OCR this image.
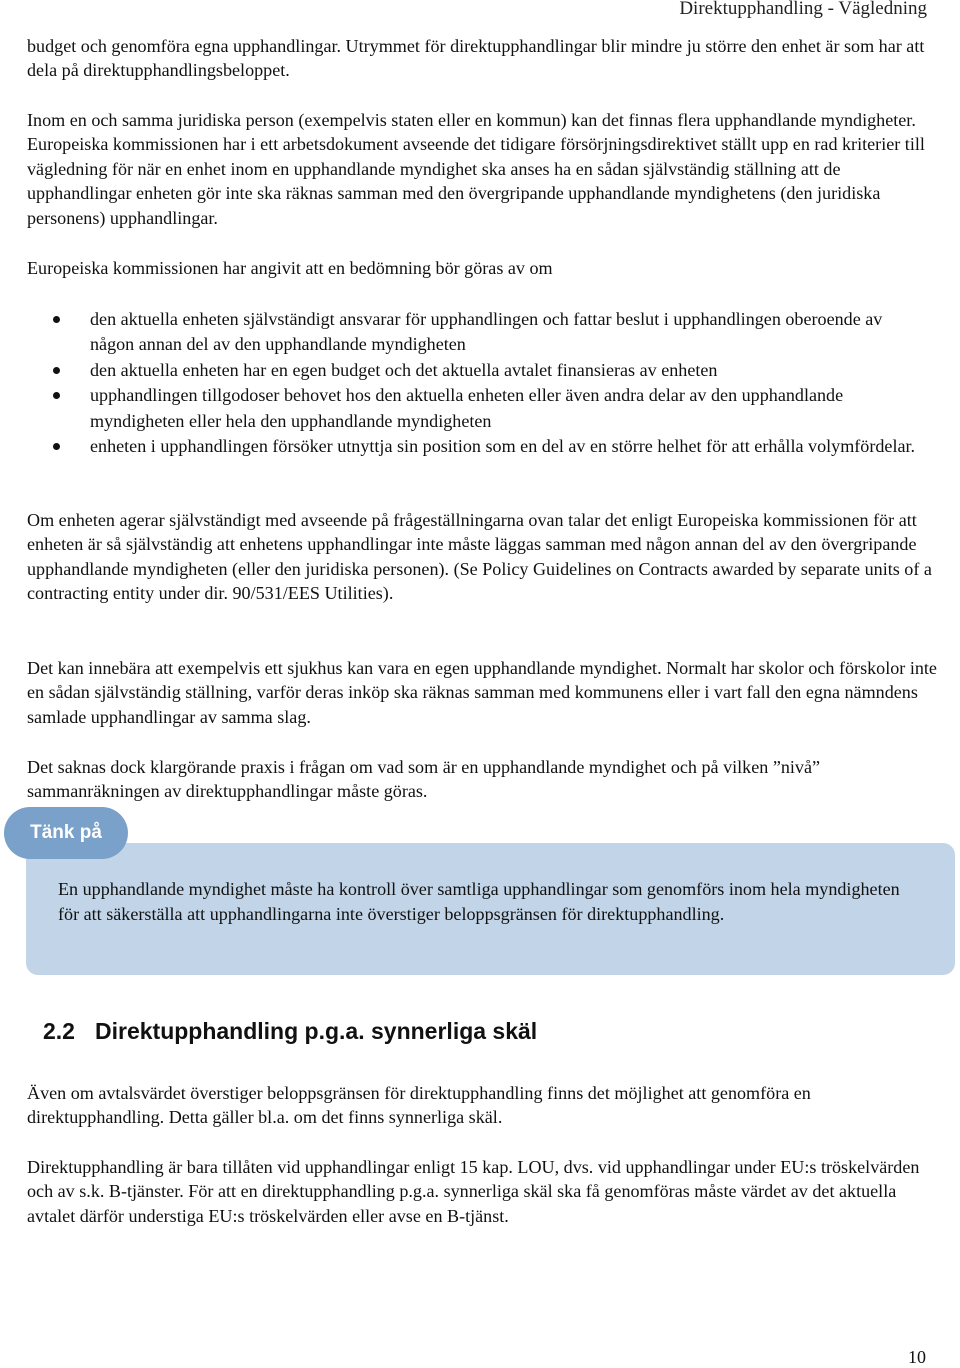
Direktupphandling - Vägledning

budget och genomföra egna upphandlingar. Utrymmet för direktupphandlingar blir mindre ju större den enhet är som har att dela på direktupphandlingsbeloppet.

Inom en och samma juridiska person (exempelvis staten eller en kommun) kan det finnas flera upphandlande myndigheter. Europeiska kommissionen har i ett arbetsdokument avseende det tidigare försörjningsdirektivet ställt upp en rad kriterier till vägledning för när en enhet inom en upphandlande myndighet ska anses ha en sådan självständig ställning att de upphandlingar enheten gör inte ska räknas samman med den övergripande upphandlande myndighetens (den juridiska personens) upphandlingar.

Europeiska kommissionen har angivit att en bedömning bör göras av om

den aktuella enheten självständigt ansvarar för upphandlingen och fattar beslut i upphandlingen oberoende av någon annan del av den upphandlande myndigheten
den aktuella enheten har en egen budget och det aktuella avtalet finansieras av enheten
upphandlingen tillgodoser behovet hos den aktuella enheten eller även andra delar av den upphandlande myndigheten eller hela den upphandlande myndigheten
enheten i upphandlingen försöker utnyttja sin position som en del av en större helhet för att erhålla volymfördelar.

Om enheten agerar självständigt med avseende på frågeställningarna ovan talar det enligt Europeiska kommissionen för att enheten är så självständig att enhetens upphandlingar inte måste läggas samman med någon annan del av den övergripande upphandlande myndigheten (eller den juridiska personen). (Se Policy Guidelines on Contracts awarded by separate units of a contracting entity under dir. 90/531/EES Utilities).

Det kan innebära att exempelvis ett sjukhus kan vara en egen upphandlande myndighet. Normalt har skolor och förskolor inte en sådan självständig ställning, varför deras inköp ska räknas samman med kommunens eller i vart fall den egna nämndens samlade upphandlingar av samma slag.

Det saknas dock klargörande praxis i frågan om vad som är en upphandlande myndighet och på vilken ”nivå” sammanräkningen av direktupphandlingar måste göras.

Tänk på
En upphandlande myndighet måste ha kontroll över samtliga upphandlingar som genomförs inom hela myndigheten för att säkerställa att upphandlingarna inte överstiger beloppsgränsen för direktupphandling.
2.2 Direktupphandling p.g.a. synnerliga skäl

Även om avtalsvärdet överstiger beloppsgränsen för direktupphandling finns det möjlighet att genomföra en direktupphandling. Detta gäller bl.a. om det finns synnerliga skäl.

Direktupphandling är bara tillåten vid upphandlingar enligt 15 kap. LOU, dvs. vid upphandlingar under EU:s tröskelvärden och av s.k. B-tjänster. För att en direktupphandling p.g.a. synnerliga skäl ska få genomföras måste värdet av det aktuella avtalet därför understiga EU:s tröskelvärden eller avse en B-tjänst.

10
